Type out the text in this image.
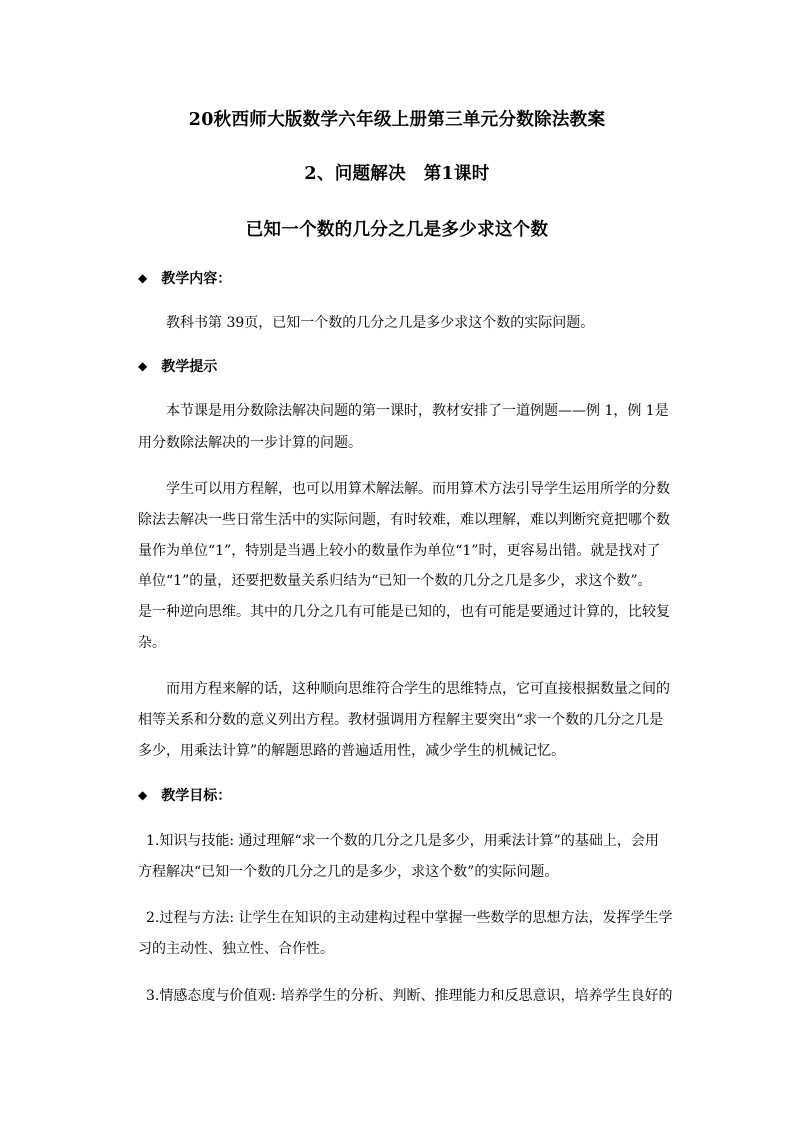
20秋西师大版数学六年级上册第三单元分数除法教案
2、问题解决　第1课时
已知一个数的几分之几是多少求这个数
◆ 教学内容：
教科书第 39页，已知一个数的几分之几是多少求这个数的实际问题。
◆ 教学提示
本节课是用分数除法解决问题的第一课时，教材安排了一道例题——例 1，例 1是
用分数除法解决的一步计算的问题。
学生可以用方程解，也可以用算术解法解。而用算术方法引导学生运用所学的分数
除法去解决一些日常生活中的实际问题，有时较难，难以理解，难以判断究竟把哪个数
量作为单位“1”，特别是当遇上较小的数量作为单位“1”时，更容易出错。就是找对了
单位“1”的量，还要把数量关系归结为“已知一个数的几分之几是多少，求这个数”。
是一种逆向思维。其中的几分之几有可能是已知的，也有可能是要通过计算的，比较复
杂。
而用方程来解的话，这种顺向思维符合学生的思维特点，它可直接根据数量之间的
相等关系和分数的意义列出方程。教材强调用方程解主要突出“求一个数的几分之几是
多少，用乘法计算”的解题思路的普遍适用性，减少学生的机械记忆。
◆ 教学目标：
1.知识与技能: 通过理解“求一个数的几分之几是多少，用乘法计算”的基础上，会用
方程解决“已知一个数的几分之几的是多少，求这个数”的实际问题。
2.过程与方法: 让学生在知识的主动建构过程中掌握一些数学的思想方法，发挥学生学
习的主动性、独立性、合作性。
3.情感态度与价值观: 培养学生的分析、判断、推理能力和反思意识，培养学生良好的
